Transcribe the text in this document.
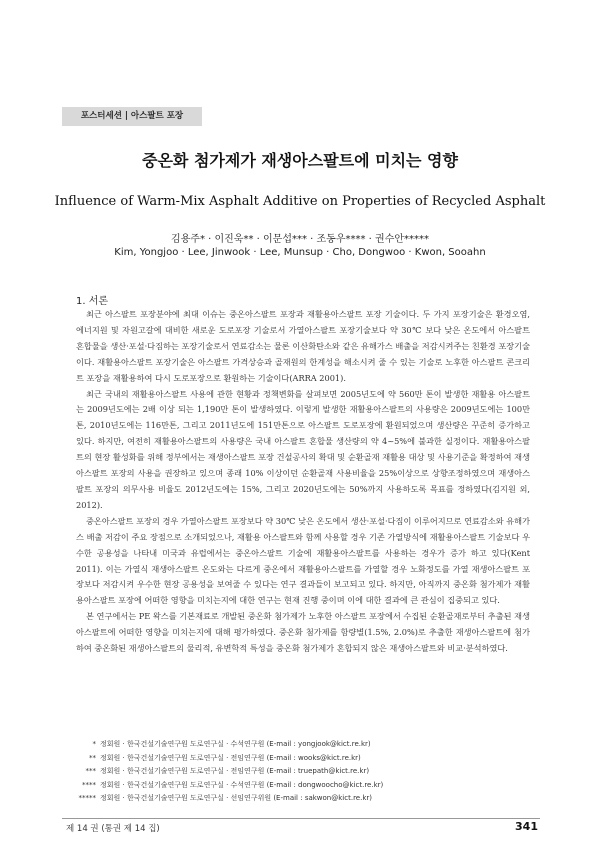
포스터세션 | 아스팔트 포장
중온화 첨가제가 재생아스팔트에 미치는 영향
Influence of Warm-Mix Asphalt Additive on Properties of Recycled Asphalt
김용주* · 이진욱** · 이문섭*** · 조동우**** · 권수안*****
Kim, Yongjoo · Lee, Jinwook · Lee, Munsup · Cho, Dongwoo · Kwon, Sooahn
1. 서론

최근 아스팔트 포장분야에 최대 이슈는 중온아스팔트 포장과 재활용아스팔트 포장 기술이다. 두 가지 포장기술은 환경오염, 에너지원 및 자원고갈에 대비한 새로운 도로포장 기술로서 가열아스팔트 포장기술보다 약 30℃ 보다 낮은 온도에서 아스팔트 혼합물을 생산·포설·다짐하는 포장기술로서 연료감소는 물론 이산화탄소와 같은 유해가스 배출을 저감시켜주는 친환경 포장기술이다. 재활용아스팔트 포장기술은 아스팔트 가격상승과 골재원의 한계성을 해소시켜 줄 수 있는 기술로 노후한 아스팔트 콘크리트 포장을 재활용하여 다시 도로포장으로 환원하는 기술이다(ARRA 2001).

최근 국내의 재활용아스팔트 사용에 관한 현황과 정책변화를 살펴보면 2005년도에 약 560만 톤이 발생한 재활용 아스팔트는 2009년도에는 2배 이상 되는 1,190만 톤이 발생하였다. 이렇게 발생한 재활용아스팔트의 사용량은 2009년도에는 100만톤, 2010년도에는 116만톤, 그리고 2011년도에 151만톤으로 아스팔트 도로포장에 환원되었으며 생산량은 꾸준히 증가하고 있다. 하지만, 여전히 재활용아스팔트의 사용량은 국내 아스팔트 혼합물 생산량의 약 4~5%에 불과한 실정이다. 재활용아스팔트의 현장 활성화를 위해 정부에서는 재생아스팔트 포장 건설공사의 확대 및 순환골재 재활용 대상 및 사용기준을 확정하여 재생아스팔트 포장의 사용을 권장하고 있으며 종래 10% 이상이던 순환골재 사용비율을 25%이상으로 상향조정하였으며 재생아스팔트 포장의 의무사용 비율도 2012년도에는 15%, 그리고 2020년도에는 50%까지 사용하도록 목표를 정하였다(김지원 외, 2012).

중온아스팔트 포장의 경우 가열아스팔트 포장보다 약 30℃ 낮은 온도에서 생산·포설·다짐이 이루어지므로 연료감소와 유해가스 배출 저감이 주요 장점으로 소개되었으나, 재활용 아스팔트와 함께 사용할 경우 기존 가열방식에 재활용아스팔트 기술보다 우수한 공용성을 나타내 미국과 유럽에서는 중온아스팔트 기술에 재활용아스팔트를 사용하는 경우가 증가 하고 있다(Kent 2011). 이는 가열식 재생아스팔트 온도와는 다르게 중온에서 재활용아스팔트를 가열할 경우 노화정도를 가열 재생아스팔트 포장보다 저감시켜 우수한 현장 공용성을 보여줄 수 있다는 연구 결과들이 보고되고 있다. 하지만, 아직까지 중온화 첨가제가 재활용아스팔트 포장에 어떠한 영향을 미치는지에 대한 연구는 현재 진행 중이며 이에 대한 결과에 큰 관심이 집중되고 있다.

본 연구에서는 PE 왁스를 기본재료로 개발된 중온화 첨가제가 노후한 아스팔트 포장에서 수집된 순환골재로부터 추출된 재생아스팔트에 어떠한 영향을 미치는지에 대해 평가하였다. 중온화 첨가제를 함량별(1.5%, 2.0%)로 추출한 재생아스팔트에 첨가하여 중온화된 재생아스팔트의 물리적, 유변학적 특성을 중온화 첨가제가 혼합되지 않은 재생아스팔트와 비교·분석하였다.

* 정회원 · 한국건설기술연구원 도로연구실 · 수석연구원 (E-mail : yongjook@kict.re.kr)
** 정회원 · 한국건설기술연구원 도로연구실 · 전임연구원 (E-mail : wooks@kict.re.kr)
*** 정회원 · 한국건설기술연구원 도로연구실 · 전임연구원 (E-mail : truepath@kict.re.kr)
**** 정회원 · 한국건설기술연구원 도로연구실 · 수석연구원 (E-mail : dongwoocho@kict.re.kr)
***** 정회원 · 한국건설기술연구원 도로연구실 · 선임연구위원 (E-mail : sakwon@kict.re.kr)
제 14 권 (통권 제 14 집)	341
